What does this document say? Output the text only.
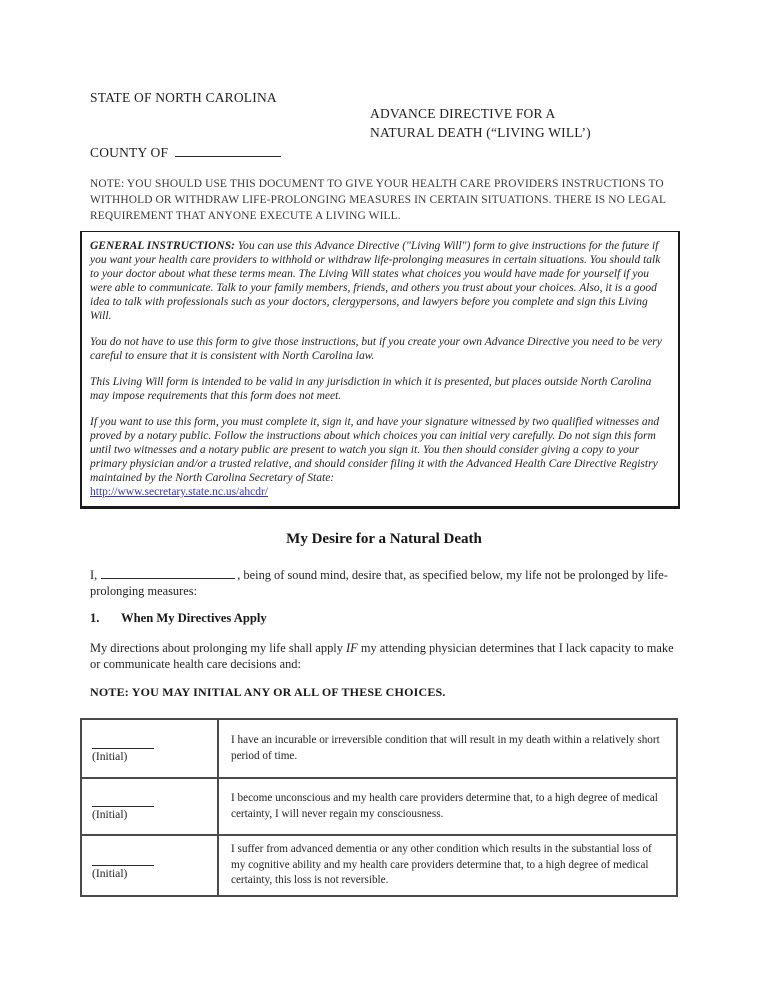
STATE OF NORTH CAROLINA
ADVANCE DIRECTIVE FOR A
NATURAL DEATH (“LIVING WILL’)
COUNTY OF
NOTE: YOU SHOULD USE THIS DOCUMENT TO GIVE YOUR HEALTH CARE PROVIDERS INSTRUCTIONS TO WITHHOLD OR WITHDRAW LIFE-PROLONGING MEASURES IN CERTAIN SITUATIONS. THERE IS NO LEGAL REQUIREMENT THAT ANYONE EXECUTE A LIVING WILL.

GENERAL INSTRUCTIONS: You can use this Advance Directive ("Living Will") form to give instructions for the future if you want your health care providers to withhold or withdraw life-prolonging measures in certain situations. You should talk to your doctor about what these terms mean. The Living Will states what choices you would have made for yourself if you were able to communicate. Talk to your family members, friends, and others you trust about your choices. Also, it is a good idea to talk with professionals such as your doctors, clergypersons, and lawyers before you complete and sign this Living Will.

You do not have to use this form to give those instructions, but if you create your own Advance Directive you need to be very careful to ensure that it is consistent with North Carolina law.

This Living Will form is intended to be valid in any jurisdiction in which it is presented, but places outside North Carolina may impose requirements that this form does not meet.

If you want to use this form, you must complete it, sign it, and have your signature witnessed by two qualified witnesses and proved by a notary public. Follow the instructions about which choices you can initial very carefully. Do not sign this form until two witnesses and a notary public are present to watch you sign it. You then should consider giving a copy to your primary physician and/or a trusted relative, and should consider filing it with the Advanced Health Care Directive Registry maintained by the North Carolina Secretary of State:

http://www.secretary.state.nc.us/ahcdr/
My Desire for a Natural Death
I,	, being of sound mind, desire that, as specified below, my life not be prolonged by life-prolonging measures:
1. When My Directives Apply
My directions about prolonging my life shall apply IF my attending physician determines that I lack capacity to make or communicate health care decisions and:
NOTE: YOU MAY INITIAL ANY OR ALL OF THESE CHOICES.
(Initial)	I have an incurable or irreversible condition that will result in my death within a relatively short period of time.

(Initial)	I become unconscious and my health care providers determine that, to a high degree of medical certainty, I will never regain my consciousness.

(Initial)	I suffer from advanced dementia or any other condition which results in the substantial loss of my cognitive ability and my health care providers determine that, to a high degree of medical certainty, this loss is not reversible.
